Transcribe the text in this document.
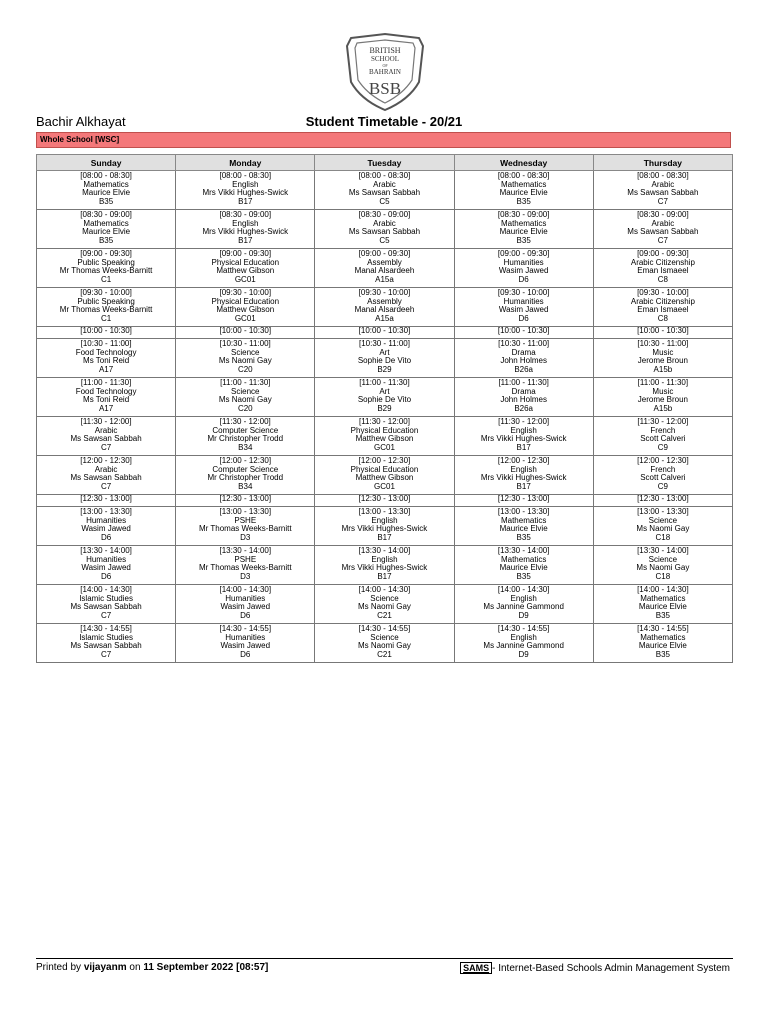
BRITISH
SCHOOL
OF
BAHRAIN
BSB
Bachir Alkhayat	Student Timetable - 20/21
Whole School [WSC]
Sunday	Monday	Tuesday	Wednesday	Thursday

[08:00 - 08:30]
Mathematics
Maurice Elvie
B35	[08:00 - 08:30]
English
Mrs Vikki Hughes-Swick
B17	[08:00 - 08:30]
Arabic
Ms Sawsan Sabbah
C5	[08:00 - 08:30]
Mathematics
Maurice Elvie
B35	[08:00 - 08:30]
Arabic
Ms Sawsan Sabbah
C7

[08:30 - 09:00]
Mathematics
Maurice Elvie
B35	[08:30 - 09:00]
English
Mrs Vikki Hughes-Swick
B17	[08:30 - 09:00]
Arabic
Ms Sawsan Sabbah
C5	[08:30 - 09:00]
Mathematics
Maurice Elvie
B35	[08:30 - 09:00]
Arabic
Ms Sawsan Sabbah
C7

[09:00 - 09:30]
Public Speaking
Mr Thomas Weeks-Barnitt
C1	[09:00 - 09:30]
Physical Education
Matthew Gibson
GC01	[09:00 - 09:30]
Assembly
Manal Alsardeeh
A15a	[09:00 - 09:30]
Humanities
Wasim Jawed
D6	[09:00 - 09:30]
Arabic Citizenship
Eman Ismaeel
C8

[09:30 - 10:00]
Public Speaking
Mr Thomas Weeks-Barnitt
C1	[09:30 - 10:00]
Physical Education
Matthew Gibson
GC01	[09:30 - 10:00]
Assembly
Manal Alsardeeh
A15a	[09:30 - 10:00]
Humanities
Wasim Jawed
D6	[09:30 - 10:00]
Arabic Citizenship
Eman Ismaeel
C8

[10:00 - 10:30]	[10:00 - 10:30]	[10:00 - 10:30]	[10:00 - 10:30]	[10:00 - 10:30]

[10:30 - 11:00]
Food Technology
Ms Toni Reid
A17	[10:30 - 11:00]
Science
Ms Naomi Gay
C20	[10:30 - 11:00]
Art
Sophie De Vito
B29	[10:30 - 11:00]
Drama
John Holmes
B26a	[10:30 - 11:00]
Music
Jerome Broun
A15b

[11:00 - 11:30]
Food Technology
Ms Toni Reid
A17	[11:00 - 11:30]
Science
Ms Naomi Gay
C20	[11:00 - 11:30]
Art
Sophie De Vito
B29	[11:00 - 11:30]
Drama
John Holmes
B26a	[11:00 - 11:30]
Music
Jerome Broun
A15b

[11:30 - 12:00]
Arabic
Ms Sawsan Sabbah
C7	[11:30 - 12:00]
Computer Science
Mr Christopher Trodd
B34	[11:30 - 12:00]
Physical Education
Matthew Gibson
GC01	[11:30 - 12:00]
English
Mrs Vikki Hughes-Swick
B17	[11:30 - 12:00]
French
Scott Calveri
C9

[12:00 - 12:30]
Arabic
Ms Sawsan Sabbah
C7	[12:00 - 12:30]
Computer Science
Mr Christopher Trodd
B34	[12:00 - 12:30]
Physical Education
Matthew Gibson
GC01	[12:00 - 12:30]
English
Mrs Vikki Hughes-Swick
B17	[12:00 - 12:30]
French
Scott Calveri
C9

[12:30 - 13:00]	[12:30 - 13:00]	[12:30 - 13:00]	[12:30 - 13:00]	[12:30 - 13:00]

[13:00 - 13:30]
Humanities
Wasim Jawed
D6	[13:00 - 13:30]
PSHE
Mr Thomas Weeks-Barnitt
D3	[13:00 - 13:30]
English
Mrs Vikki Hughes-Swick
B17	[13:00 - 13:30]
Mathematics
Maurice Elvie
B35	[13:00 - 13:30]
Science
Ms Naomi Gay
C18

[13:30 - 14:00]
Humanities
Wasim Jawed
D6	[13:30 - 14:00]
PSHE
Mr Thomas Weeks-Barnitt
D3	[13:30 - 14:00]
English
Mrs Vikki Hughes-Swick
B17	[13:30 - 14:00]
Mathematics
Maurice Elvie
B35	[13:30 - 14:00]
Science
Ms Naomi Gay
C18

[14:00 - 14:30]
Islamic Studies
Ms Sawsan Sabbah
C7	[14:00 - 14:30]
Humanities
Wasim Jawed
D6	[14:00 - 14:30]
Science
Ms Naomi Gay
C21	[14:00 - 14:30]
English
Ms Jannine Gammond
D9	[14:00 - 14:30]
Mathematics
Maurice Elvie
B35

[14:30 - 14:55]
Islamic Studies
Ms Sawsan Sabbah
C7	[14:30 - 14:55]
Humanities
Wasim Jawed
D6	[14:30 - 14:55]
Science
Ms Naomi Gay
C21	[14:30 - 14:55]
English
Ms Jannine Gammond
D9	[14:30 - 14:55]
Mathematics
Maurice Elvie
B35
Printed by vijayanm on 11 September 2022 [08:57]	SAMS - Internet-Based Schools Admin Management System
